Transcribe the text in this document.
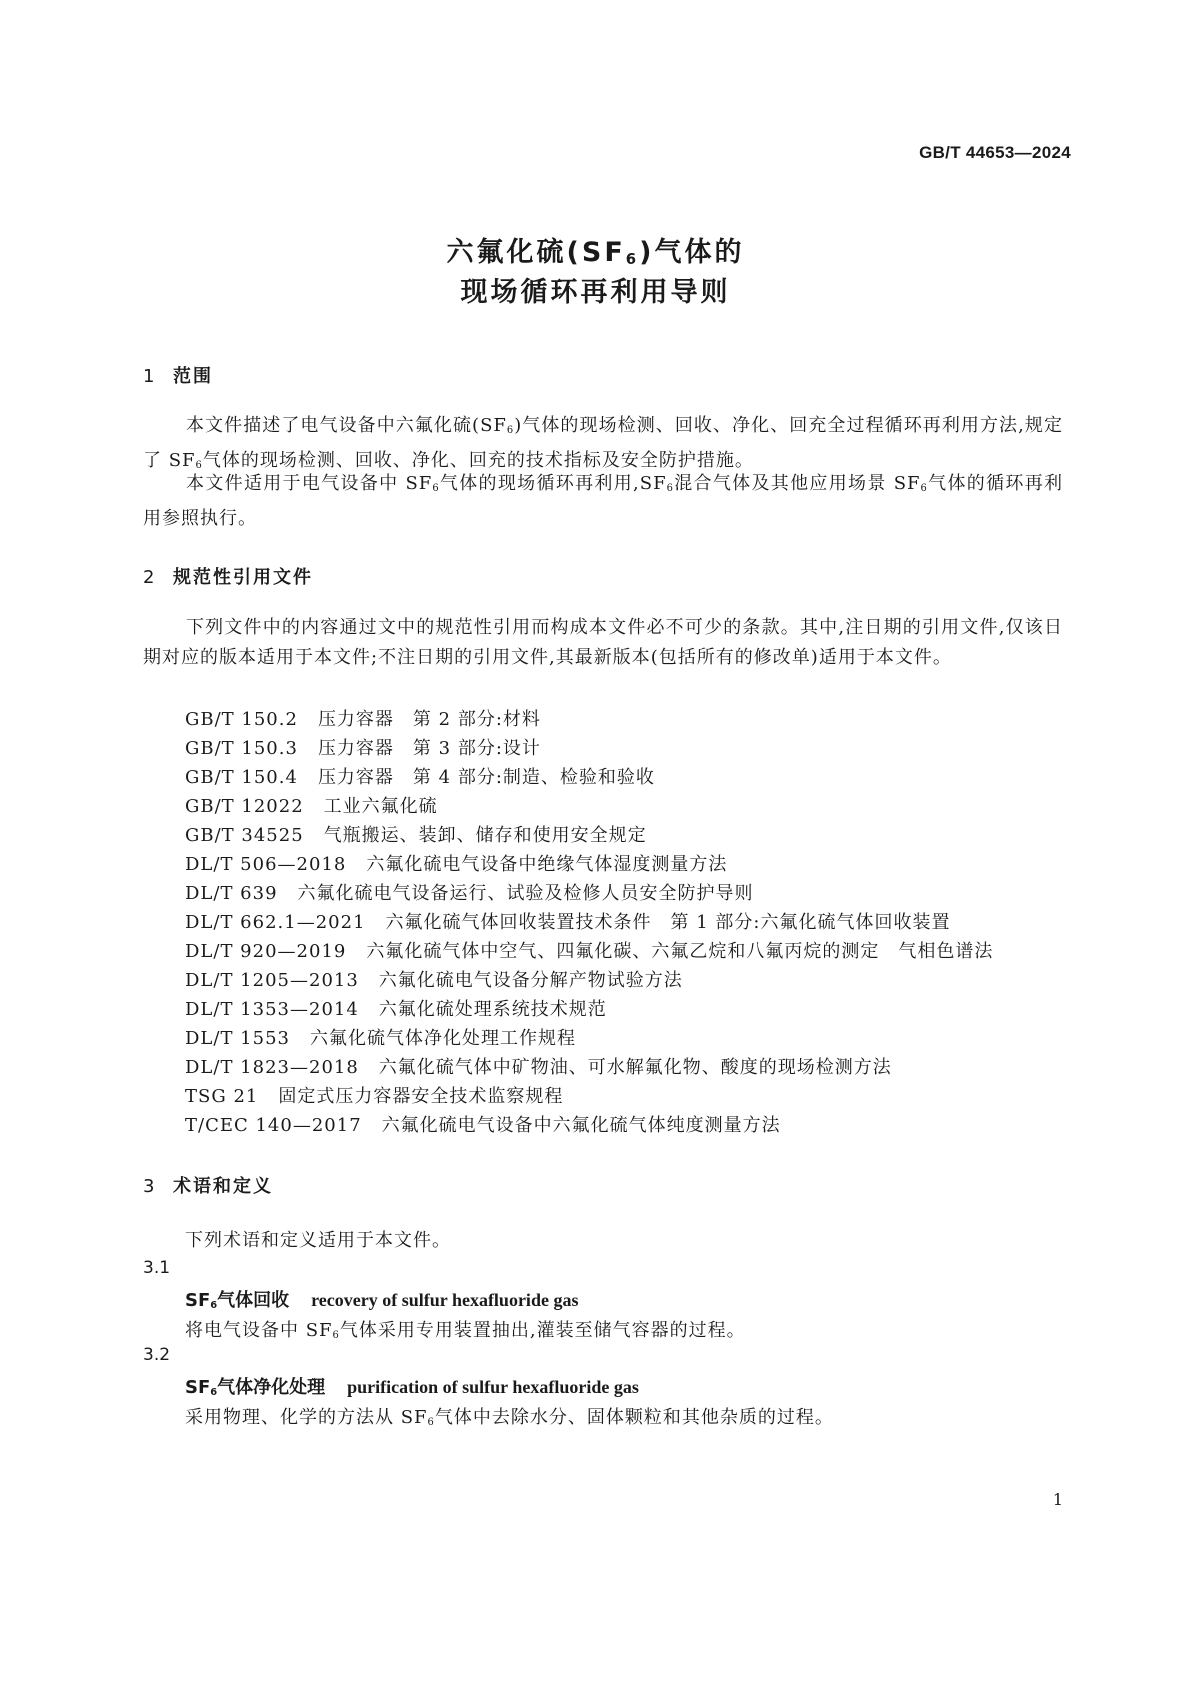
GB/T 44653—2024
六氟化硫$(SF_6)$气体的
现场循环再利用导则
1 范围

本文件描述了电气设备中六氟化硫$(SF_6)$气体的现场检测、回收、净化、回充全过程循环再利用方法,规定了 $SF_6$气体的现场检测、回收、净化、回充的技术指标及安全防护措施。

本文件适用于电气设备中 $SF_6$气体的现场循环再利用$,SF_6$混合气体及其他应用场景 $SF_6$气体的循环再利用参照执行。

2 规范性引用文件

下列文件中的内容通过文中的规范性引用而构成本文件必不可少的条款。其中,注日期的引用文件,仅该日期对应的版本适用于本文件;不注日期的引用文件,其最新版本(包括所有的修改单)适用于本文件。

GB/T 150.2 压力容器　第 2 部分:材料
GB/T 150.3 压力容器　第 3 部分:设计
GB/T 150.4 压力容器　第 4 部分:制造、检验和验收
GB/T 12022 工业六氟化硫
GB/T 34525 气瓶搬运、装卸、储存和使用安全规定
DL/T 506—2018 六氟化硫电气设备中绝缘气体湿度测量方法
DL/T 639 六氟化硫电气设备运行、试验及检修人员安全防护导则
DL/T 662.1—2021 六氟化硫气体回收装置技术条件　第 1 部分:六氟化硫气体回收装置
DL/T 920—2019 六氟化硫气体中空气、四氟化碳、六氟乙烷和八氟丙烷的测定　气相色谱法
DL/T 1205—2013 六氟化硫电气设备分解产物试验方法
DL/T 1353—2014 六氟化硫处理系统技术规范
DL/T 1553 六氟化硫气体净化处理工作规程
DL/T 1823—2018 六氟化硫气体中矿物油、可水解氟化物、酸度的现场检测方法
TSG 21 固定式压力容器安全技术监察规程
T/CEC 140—2017 六氟化硫电气设备中六氟化硫气体纯度测量方法
3 术语和定义
下列术语和定义适用于本文件。
3.1
$SF_6$气体回收 recovery of sulfur hexafluoride gas
将电气设备中 $SF_6$气体采用专用装置抽出,灌装至储气容器的过程。
3.2
$SF_6$气体净化处理 purification of sulfur hexafluoride gas
采用物理、化学的方法从 $SF_6$气体中去除水分、固体颗粒和其他杂质的过程。
1
